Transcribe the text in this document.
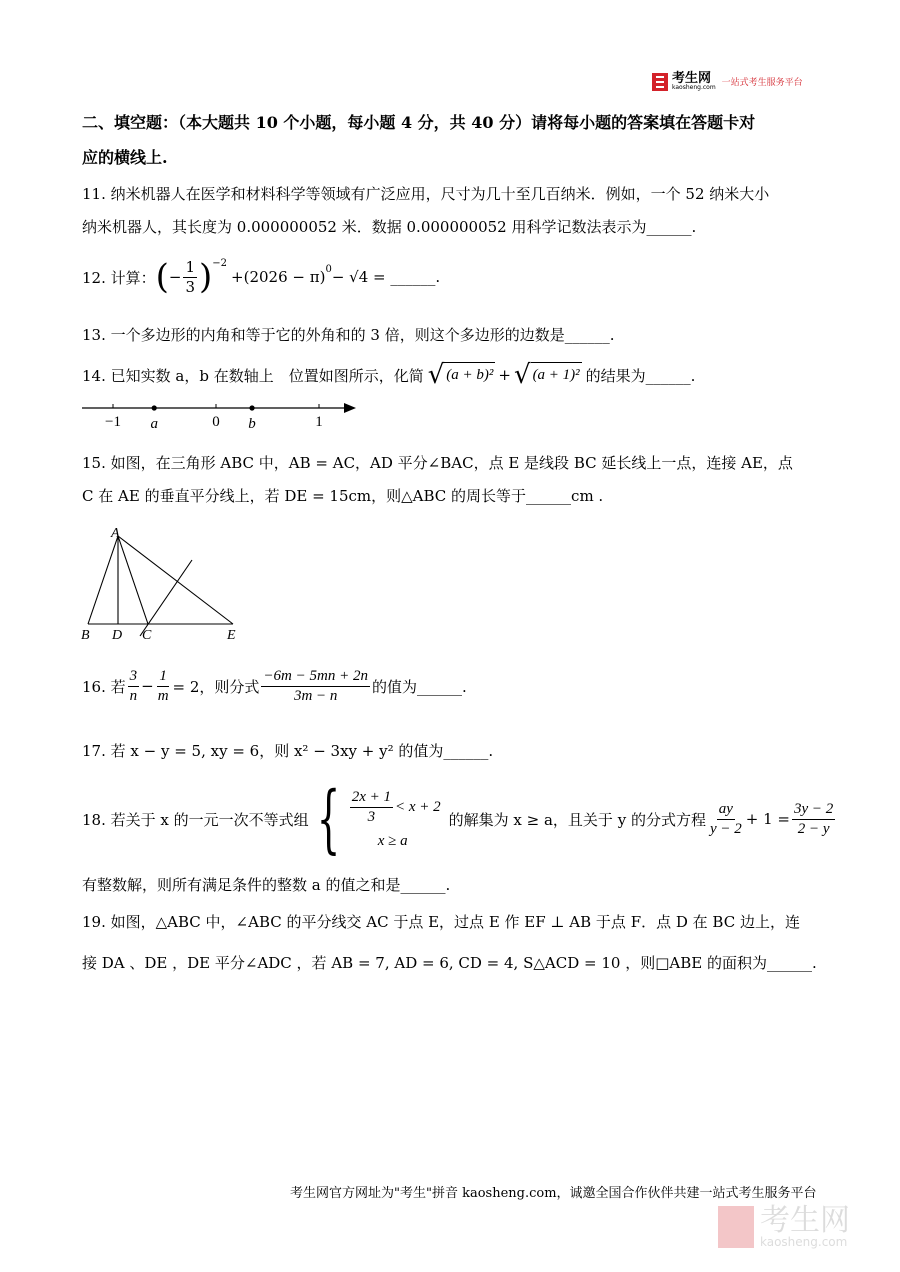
考生网
kaosheng.com 一站式考生服务平台
二、填空题：（本大题共 10 个小题，每小题 4 分，共 40 分）请将每小题的答案填在答题卡对
应的横线上.
11. 纳米机器人在医学和材料科学等领域有广泛应用，尺寸为几十至几百纳米．例如，一个 52 纳米大小
纳米机器人，其长度为 0.000000052 米．数据 0.000000052 用科学记数法表示为______.
12. 计算： ( − $\frac{1}{3} )^{-2}$
$+(2026 - \pi)^0 - √4$ = ______.
13. 一个多边形的内角和等于它的外角和的 3 倍，则这个多边形的边数是______.
14. 已知实数 a，b 在数轴上　位置如图所示，化简 √ (a + b)² + √ (a + 1)² 的结果为______.
−1 a	0 b	1
15. 如图，在三角形 ABC 中，AB = AC，AD 平分∠BAC，点 E 是线段 BC 延长线上一点，连接 AE，点
C 在 AE 的垂直平分线上，若 DE = 15cm，则△ABC 的周长等于______cm .
A
B D C	E
16. 若 $\frac{3}{n} - \frac{1}{m} = 2$，则分式 $\frac{-6m - 5mn + 2n}{3m - n}$ 的值为______.
17. 若 x − y = 5, xy = 6，则 x² − 3xy + y² 的值为______.
18. 若关于 x 的一元一次不等式组 { $\frac{2x + 1}{3} < x + 2$
x ≥ a
的解集为 x ≥ a，且关于 y 的分式方程 $\frac{ay}{y - 2} + 1 = \frac{3y - 2}{2 - y}$
有整数解，则所有满足条件的整数 a 的值之和是______.
19. 如图，△ABC 中，∠ABC 的平分线交 AC 于点 E，过点 E 作 EF ⊥ AB 于点 F．点 D 在 BC 边上，连
接 DA 、DE ，DE 平分∠ADC ，若 AB = 7, AD = 6, CD = 4, S△ACD = 10 ，则□ABE 的面积为______.
考生网官方网址为"考生"拼音 kaosheng.com，诚邀全国合作伙伴共建一站式考生服务平台
考生网
kaosheng.com
